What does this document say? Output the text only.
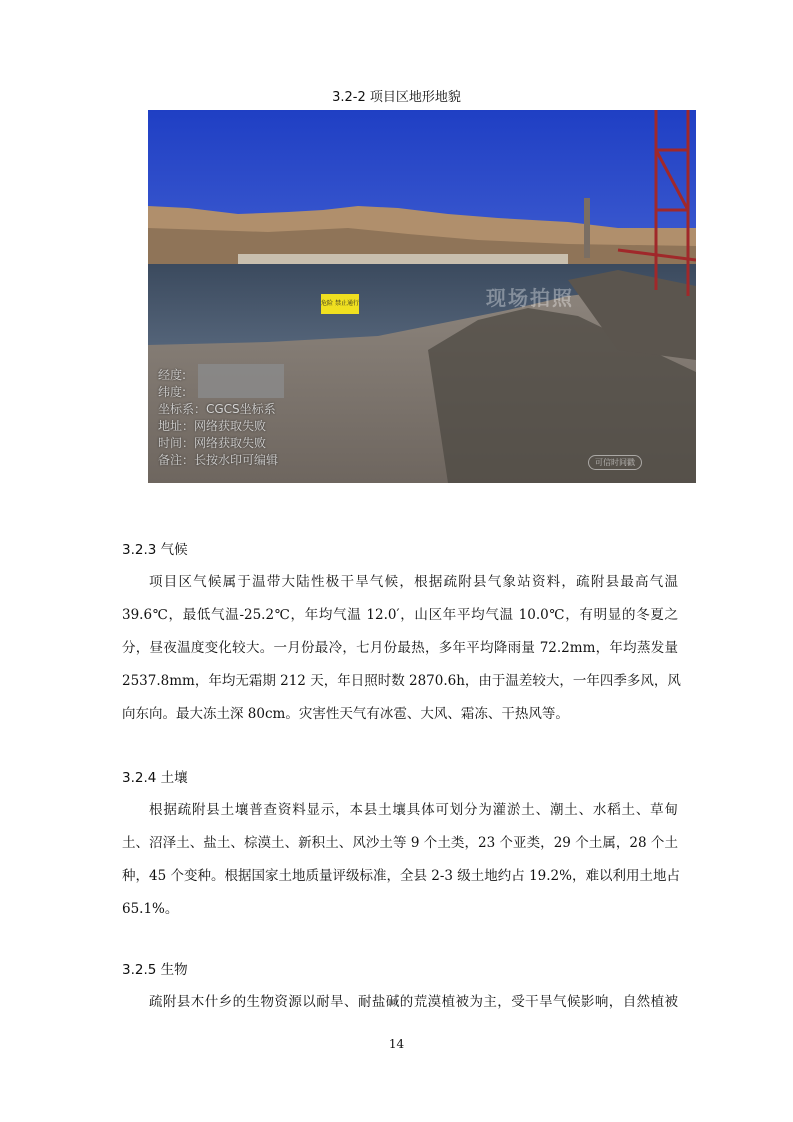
3.2-2 项目区地形地貌
现场拍照
危险 禁止通行
经度:
纬度:
坐标系：CGCS坐标系
地址：网络获取失败
时间：网络获取失败
备注：长按水印可编辑	可信时间戳
3.2.3 气候
项目区气候属于温带大陆性极干旱气候，根据疏附县气象站资料，疏附县最高气温
39.6℃，最低气温-25.2℃，年均气温 12.0′，山区年平均气温 10.0℃，有明显的冬夏之
分，昼夜温度变化较大。一月份最冷，七月份最热，多年平均降雨量 72.2mm，年均蒸发量
2537.8mm，年均无霜期 212 天，年日照时数 2870.6h，由于温差较大，一年四季多风，风
向东向。最大冻土深 80cm。灾害性天气有冰雹、大风、霜冻、干热风等。
3.2.4 土壤
根据疏附县土壤普查资料显示，本县土壤具体可划分为灌淤土、潮土、水稻土、草甸
土、沼泽土、盐土、棕漠土、新积土、风沙土等 9 个土类，23 个亚类，29 个土属，28 个土
种，45 个变种。根据国家土地质量评级标准，全县 2-3 级土地约占 19.2%，难以利用土地占
65.1%。
3.2.5 生物
疏附县木什乡的生物资源以耐旱、耐盐碱的荒漠植被为主，受干旱气候影响，自然植被
14
